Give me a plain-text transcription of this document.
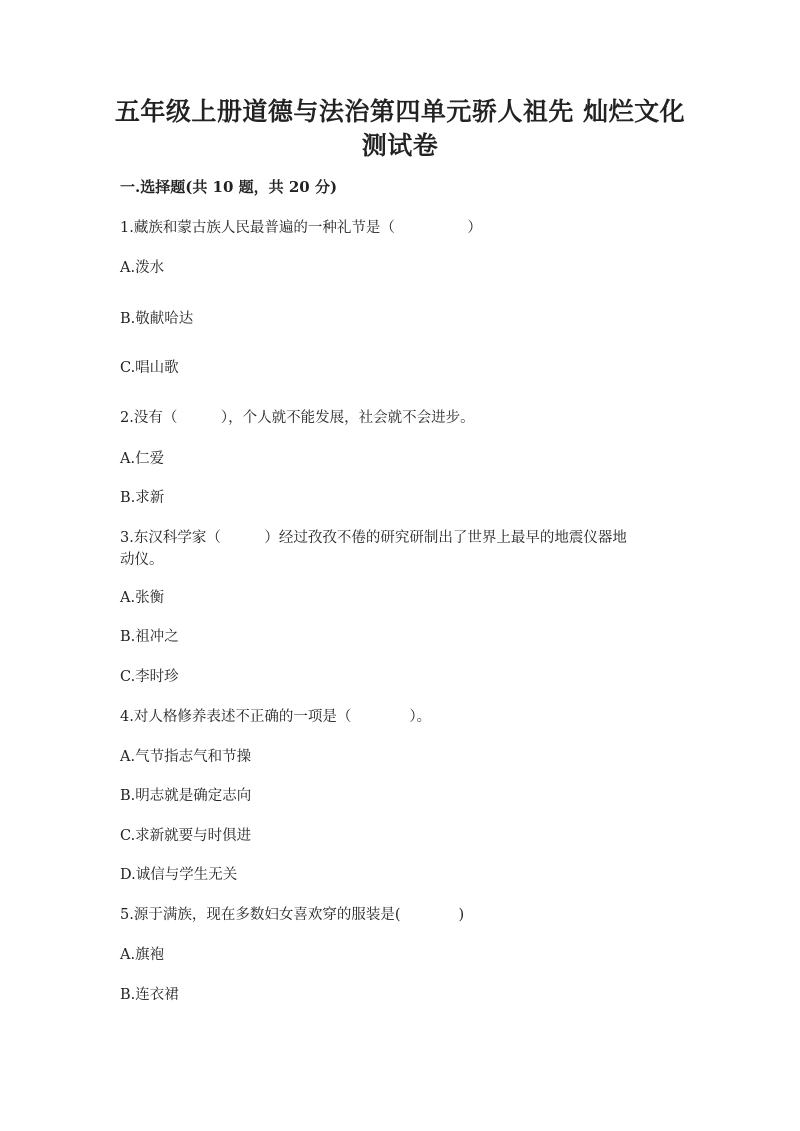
五年级上册道德与法治第四单元骄人祖先 灿烂文化
测试卷
一.选择题(共 10 题，共 20 分)
1.藏族和蒙古族人民最普遍的一种礼节是（　　　　　）
A.泼水
B.敬献哈达
C.唱山歌
2.没有（　　　），个人就不能发展，社会就不会进步。
A.仁爱
B.求新
3.东汉科学家（　　　）经过孜孜不倦的研究研制出了世界上最早的地震仪器地
动仪。
A.张衡
B.祖冲之
C.李时珍
4.对人格修养表述不正确的一项是（　　　　）。
A.气节指志气和节操
B.明志就是确定志向
C.求新就要与时俱进
D.诚信与学生无关
5.源于满族，现在多数妇女喜欢穿的服装是(　　　　)
A.旗袍
B.连衣裙
